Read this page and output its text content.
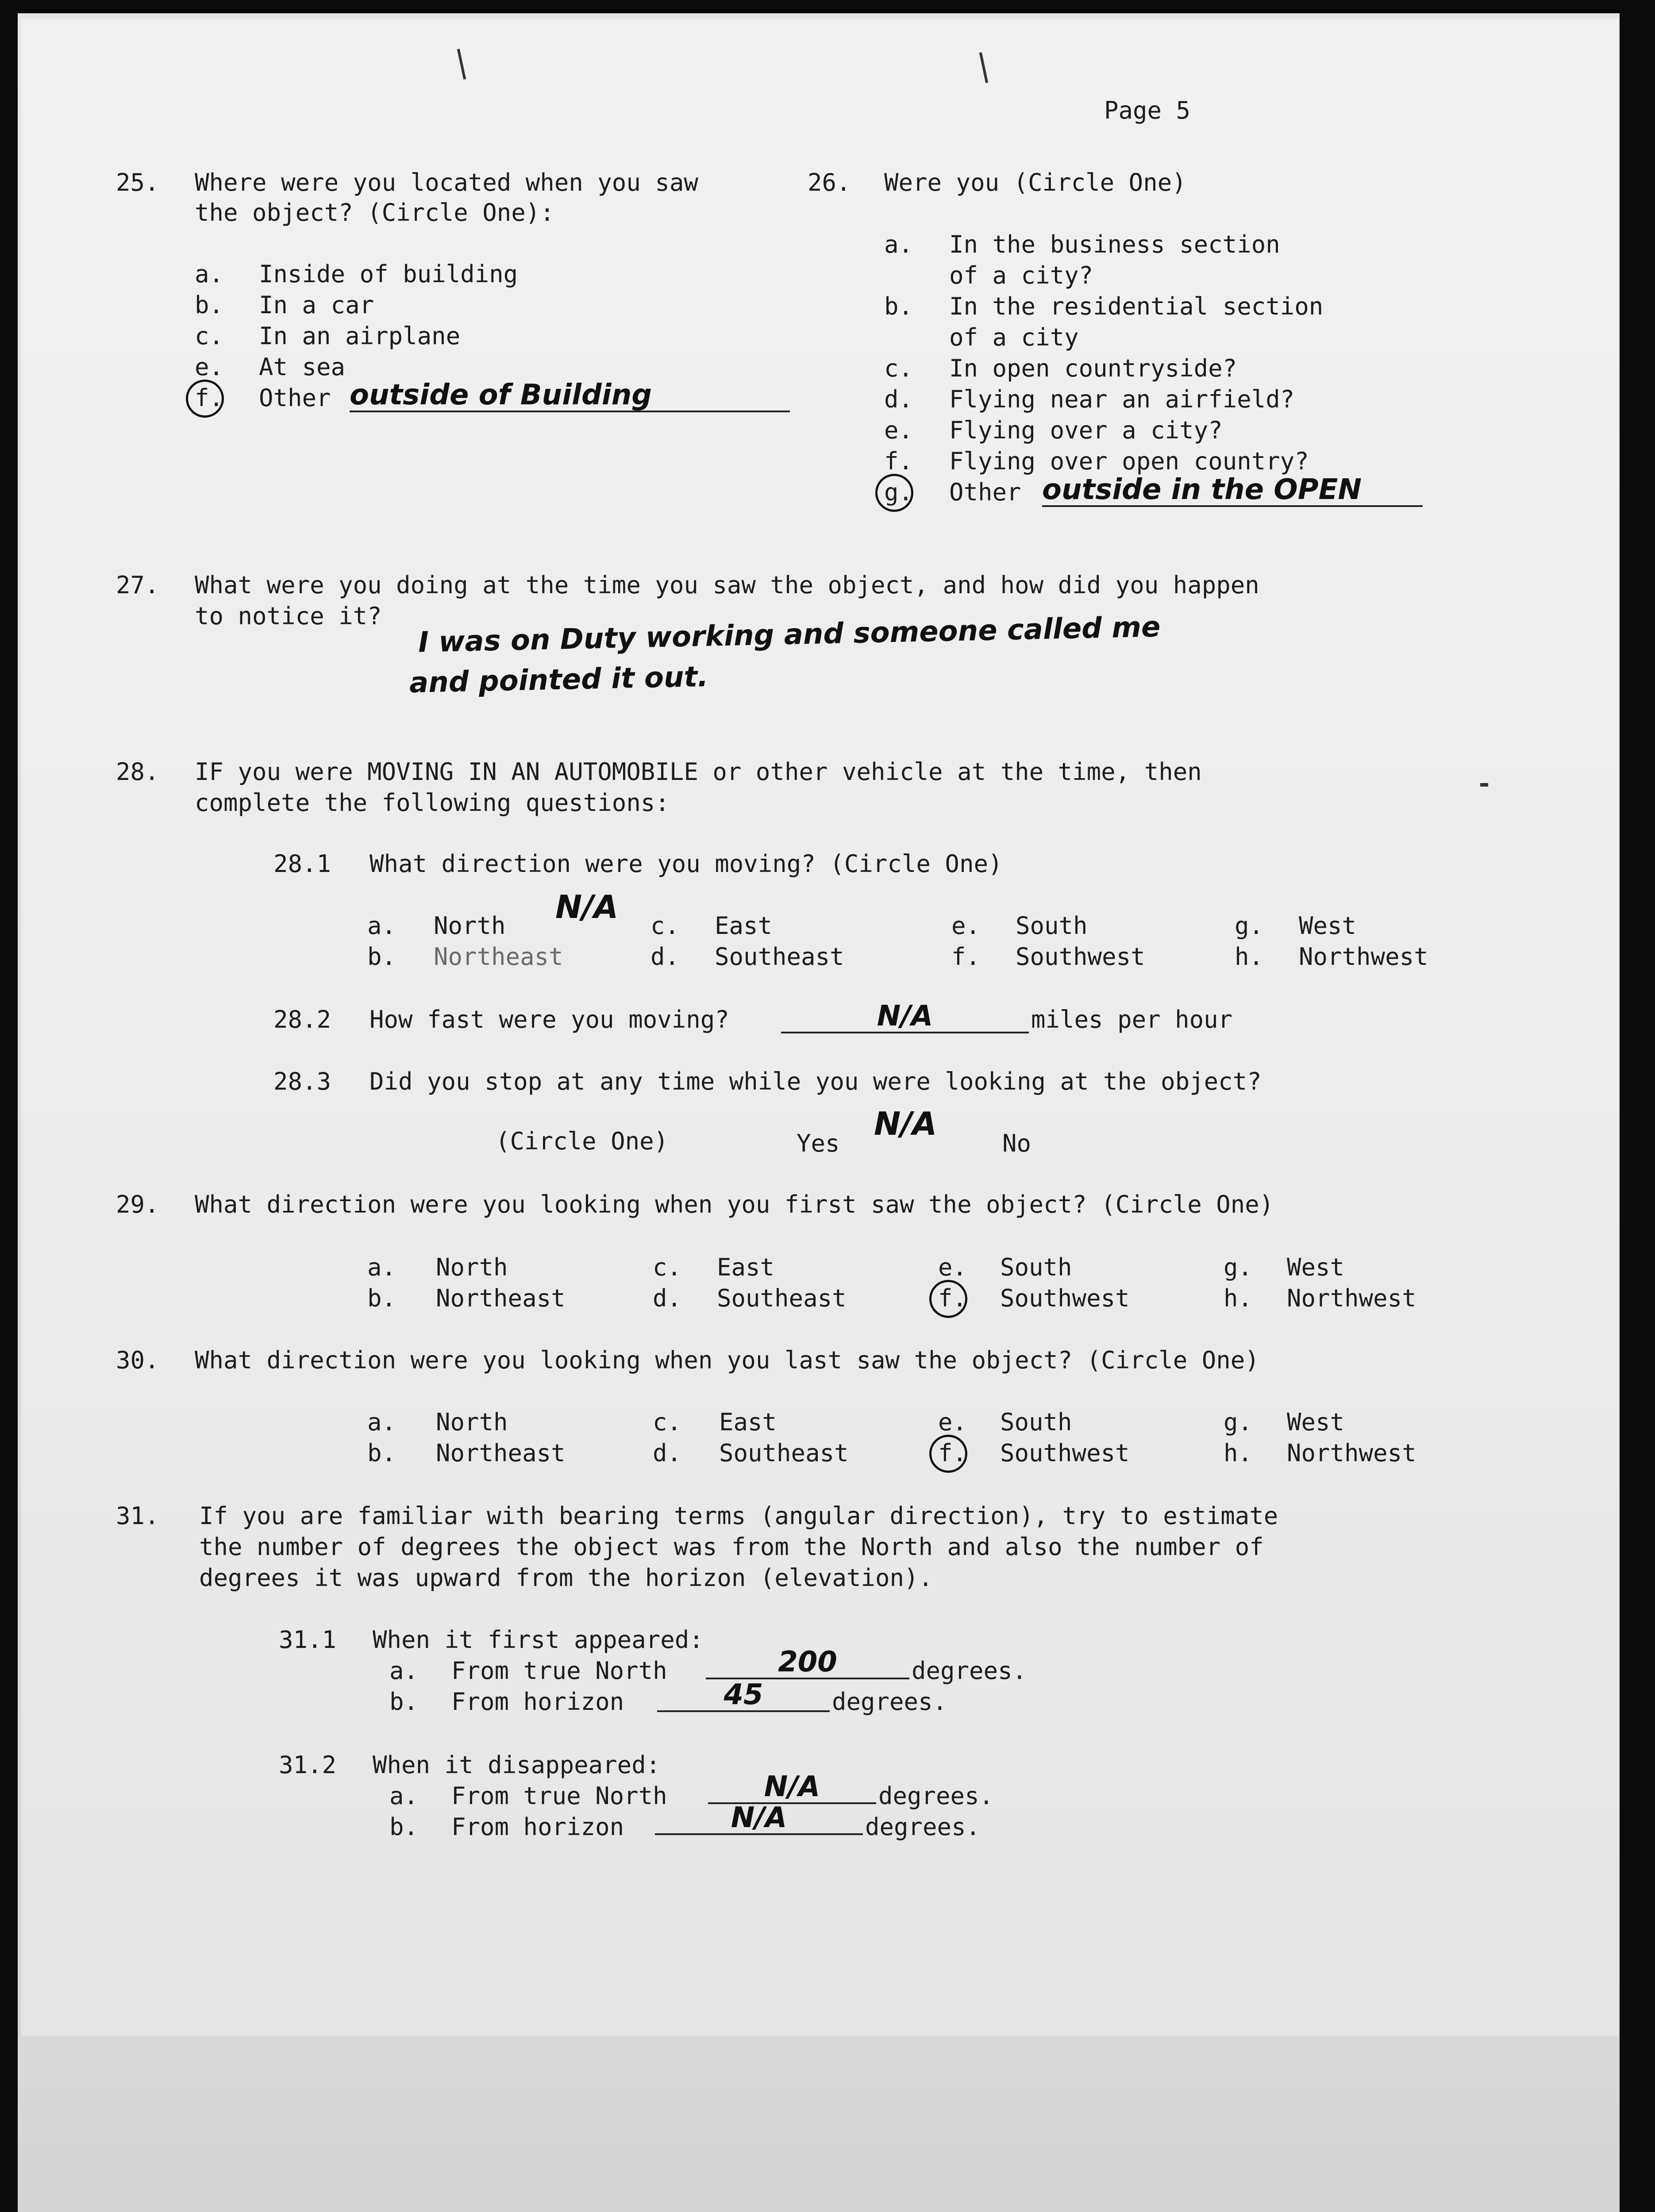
Page 5
25. Where were you located when you saw
the object? (Circle One):
a. Inside of building
b. In a car
c. In an airplane
e. At sea
f. Other outside of Building
26. Were you (Circle One)
a. In the business section
of a city?
b. In the residential section
of a city
c. In open countryside?
d. Flying near an airfield?
e. Flying over a city?
f. Flying over open country?
g. Other outside in the OPEN
27. What were you doing at the time you saw the object, and how did you happen
to notice it? I was on Duty working and someone called me
and pointed it out.
28. IF you were MOVING IN AN AUTOMOBILE or other vehicle at the time, then
complete the following questions:
28.1 What direction were you moving? (Circle One)
a. North
b. Northeast
c. East
d. Southeast
e. South
f. Southwest
g. West
h. Northwest
N/A
28.2 How fast were you moving?	N/A	miles per hour
28.3 Did you stop at any time while you were looking at the object?
(Circle One)	Yes
N/A
No
29. What direction were you looking when you first saw the object? (Circle One)
a. North
b. Northeast
c. East
d. Southeast
e. South
f. Southwest
g. West
h. Northwest
30. What direction were you looking when you last saw the object? (Circle One)
a. North
b. Northeast
c. East
d. Southeast
e. South
f. Southwest
g. West
h. Northwest
31. If you are familiar with bearing terms (angular direction), try to estimate
the number of degrees the object was from the North and also the number of
degrees it was upward from the horizon (elevation).
31.1 When it first appeared:
a. From true North	200	degrees.
b. From horizon	45	degrees.
31.2 When it disappeared:
a. From true North	N/A	degrees.
b. From horizon	N/A	degrees.
